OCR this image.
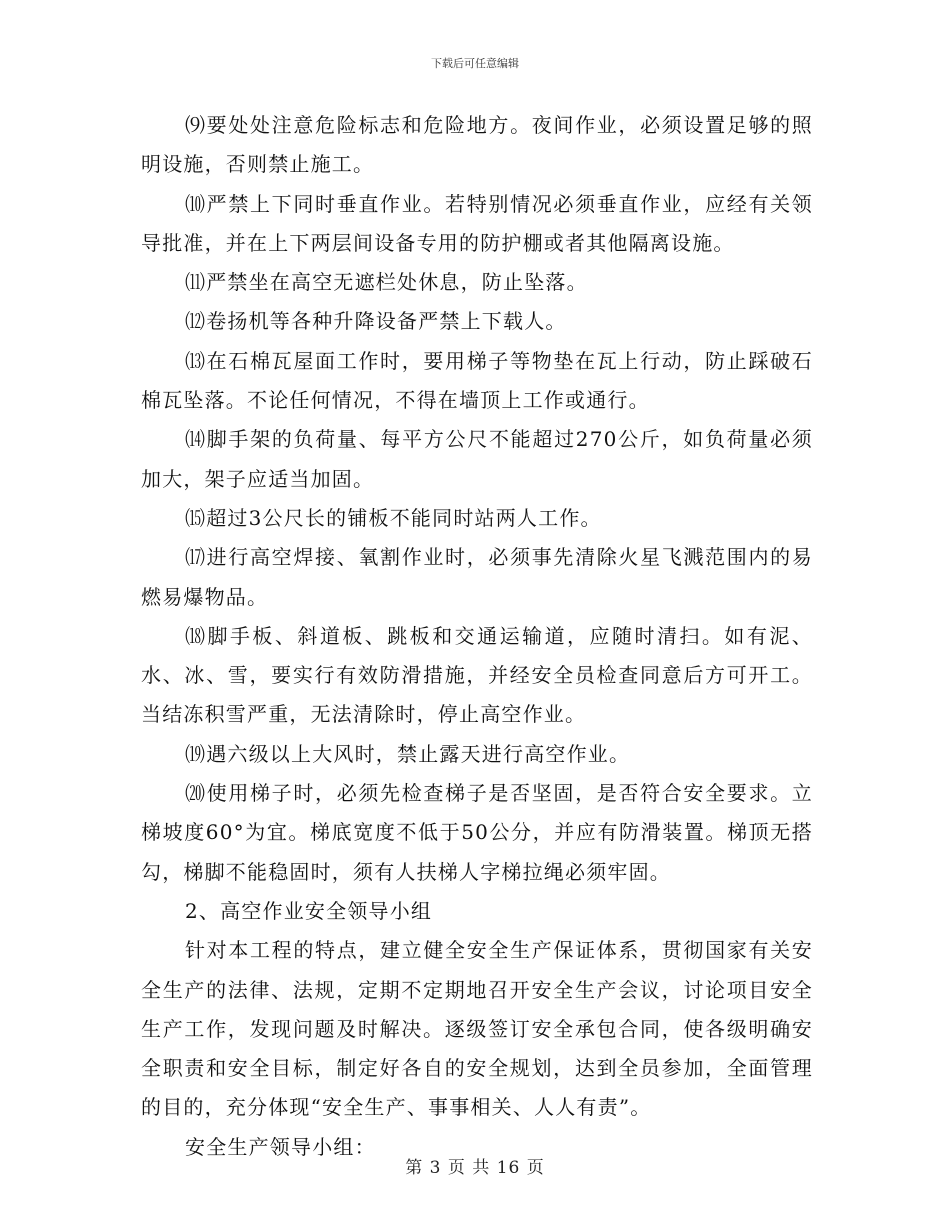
下载后可任意编辑

⑼要处处注意危险标志和危险地方。夜间作业，必须设置足够的照明设施，否则禁止施工。

⑽严禁上下同时垂直作业。若特别情况必须垂直作业，应经有关领导批准，并在上下两层间设备专用的防护棚或者其他隔离设施。

⑾严禁坐在高空无遮栏处休息，防止坠落。

⑿卷扬机等各种升降设备严禁上下载人。

⒀在石棉瓦屋面工作时，要用梯子等物垫在瓦上行动，防止踩破石棉瓦坠落。不论任何情况，不得在墙顶上工作或通行。

⒁脚手架的负荷量、每平方公尺不能超过270公斤，如负荷量必须加大，架子应适当加固。

⒂超过3公尺长的铺板不能同时站两人工作。

⒄进行高空焊接、氧割作业时，必须事先清除火星飞溅范围内的易燃易爆物品。

⒅脚手板、斜道板、跳板和交通运输道，应随时清扫。如有泥、水、冰、雪，要实行有效防滑措施，并经安全员检查同意后方可开工。当结冻积雪严重，无法清除时，停止高空作业。

⒆遇六级以上大风时，禁止露天进行高空作业。

⒇使用梯子时，必须先检查梯子是否坚固，是否符合安全要求。立梯坡度60°为宜。梯底宽度不低于50公分，并应有防滑装置。梯顶无搭勾，梯脚不能稳固时，须有人扶梯人字梯拉绳必须牢固。

2、高空作业安全领导小组

针对本工程的特点，建立健全安全生产保证体系，贯彻国家有关安全生产的法律、法规，定期不定期地召开安全生产会议，讨论项目安全生产工作，发现问题及时解决。逐级签订安全承包合同，使各级明确安全职责和安全目标，制定好各自的安全规划，达到全员参加，全面管理的目的，充分体现“安全生产、事事相关、人人有责”。

安全生产领导小组：

第 3 页 共 16 页
